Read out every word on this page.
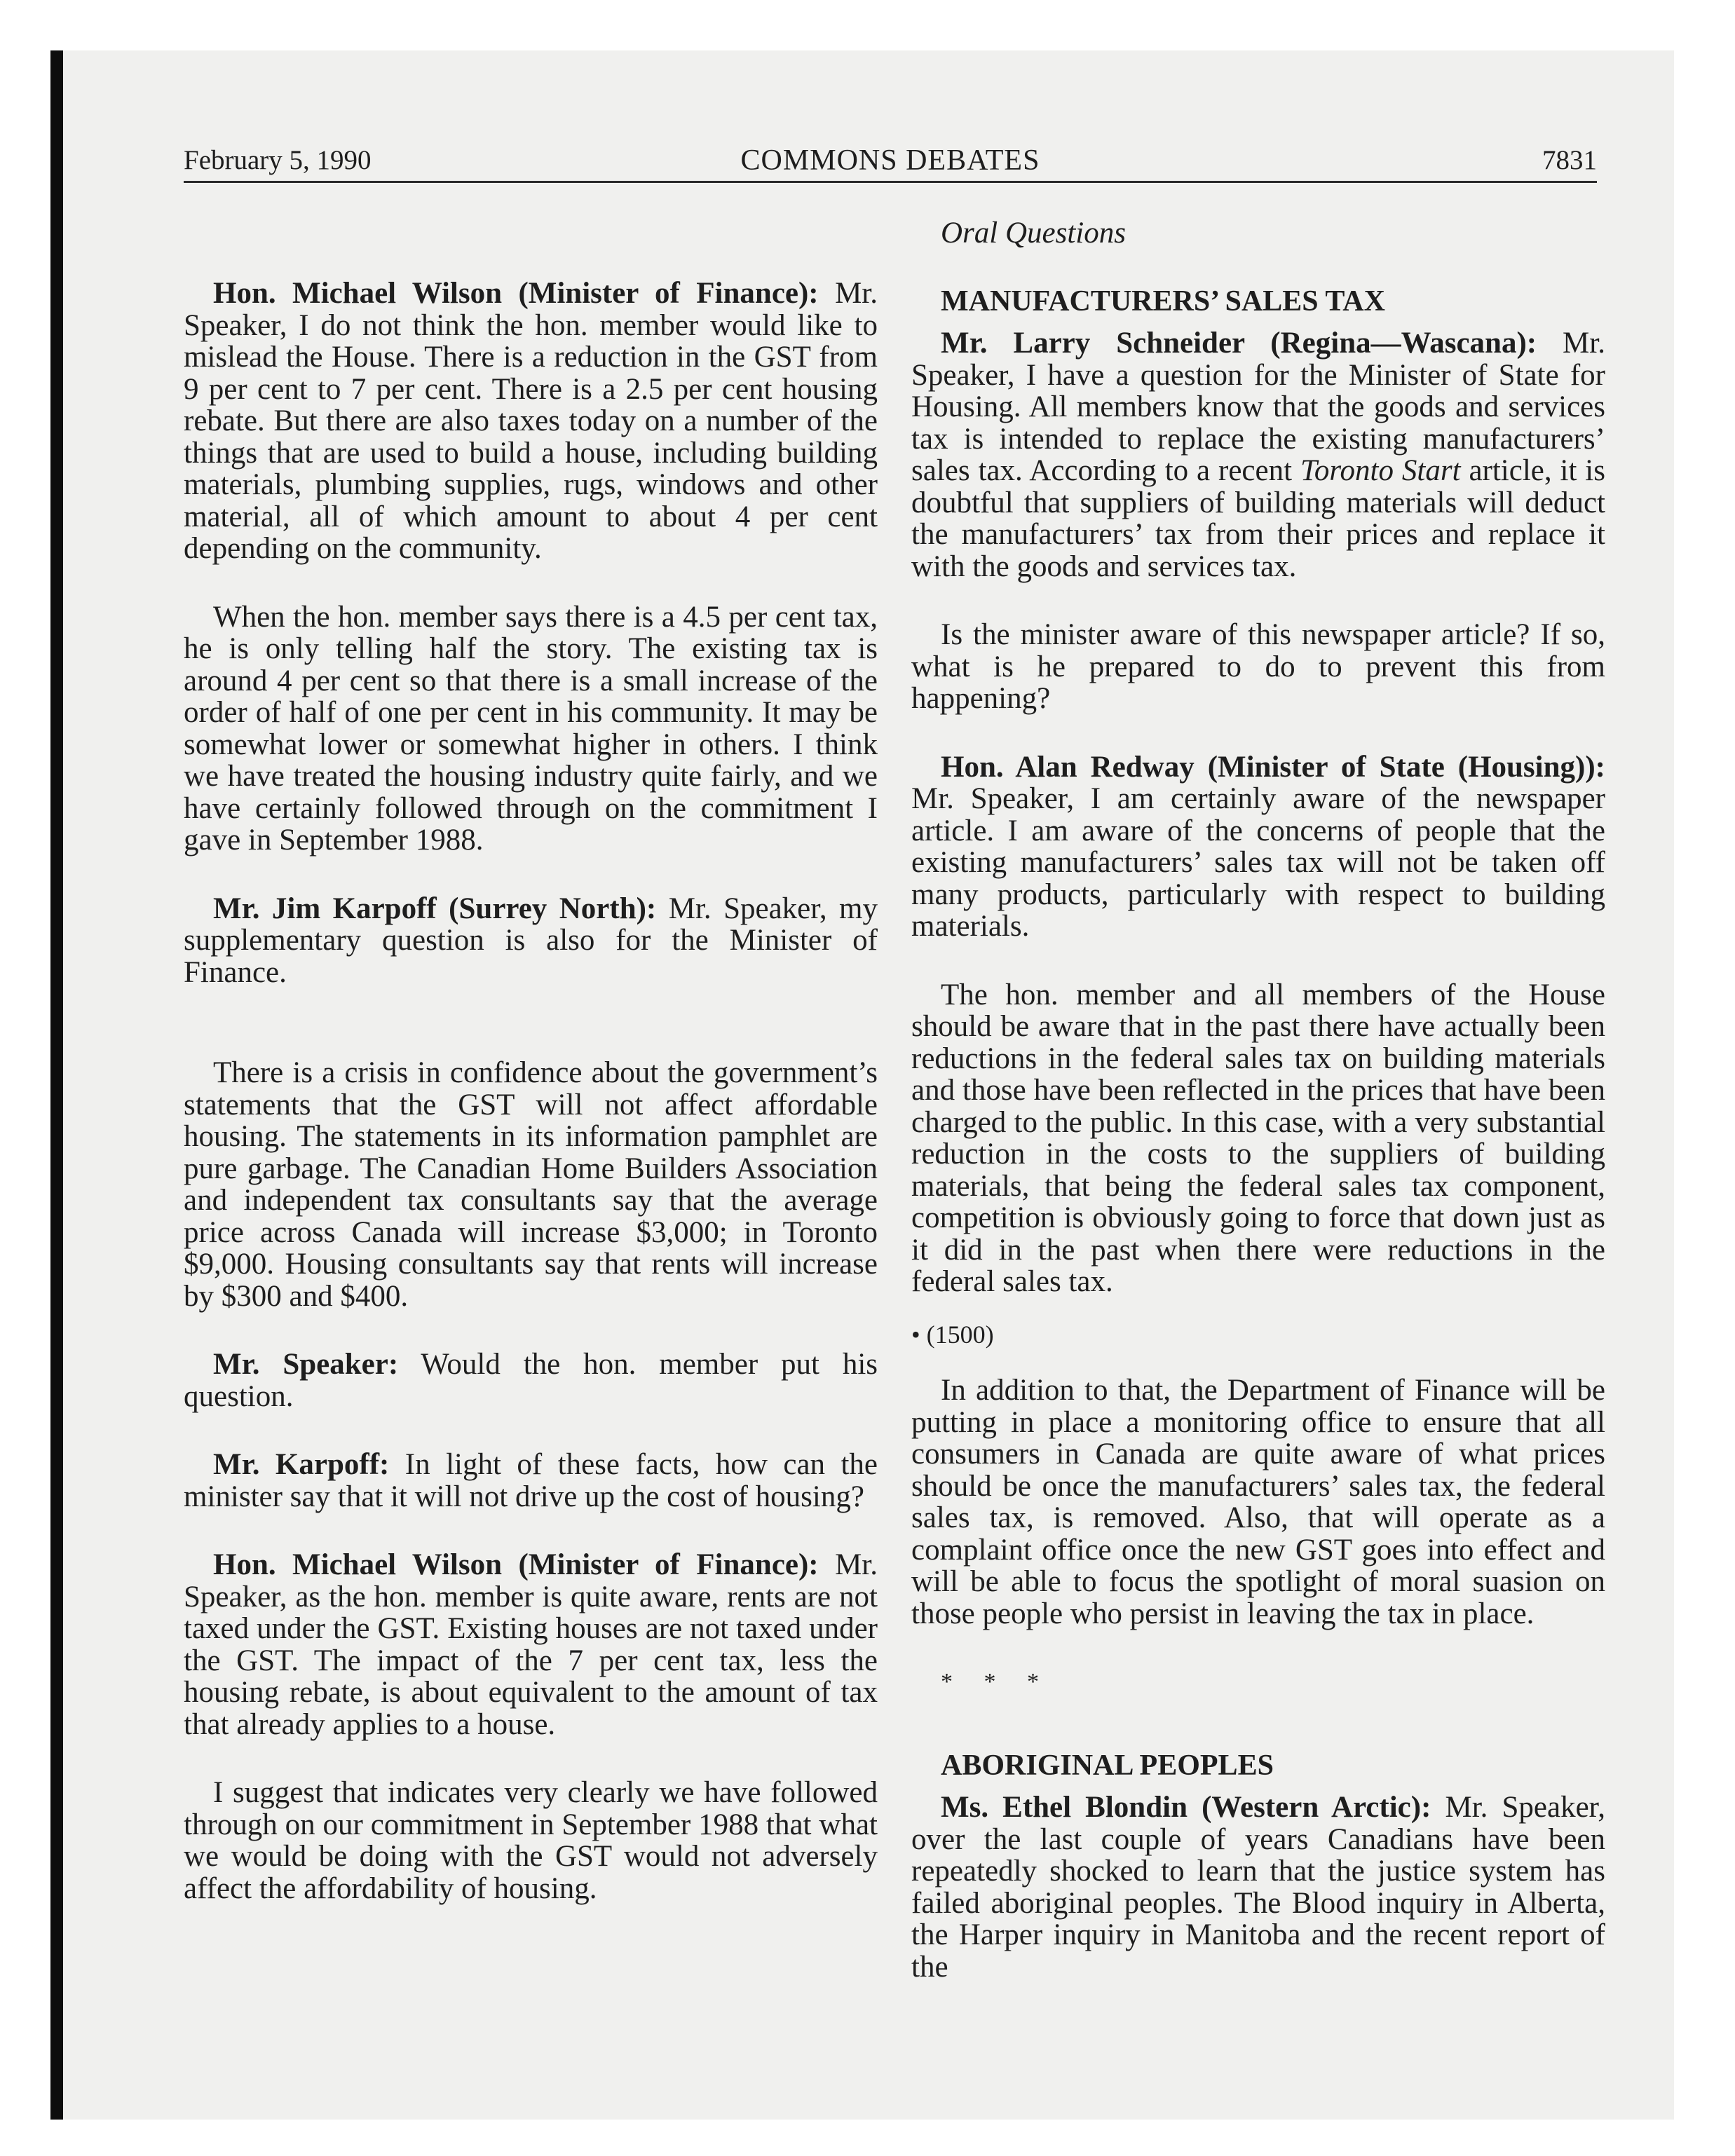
February 5, 1990	COMMONS DEBATES	7831

Hon. Michael Wilson (Minister of Finance): Mr. Speaker, I do not think the hon. member would like to mislead the House. There is a reduction in the GST from 9 per cent to 7 per cent. There is a 2.5 per cent housing rebate. But there are also taxes today on a number of the things that are used to build a house, including building materials, plumbing supplies, rugs, windows and other material, all of which amount to about 4 per cent depending on the community.

When the hon. member says there is a 4.5 per cent tax, he is only telling half the story. The existing tax is around 4 per cent so that there is a small increase of the order of half of one per cent in his community. It may be somewhat lower or somewhat higher in others. I think we have treated the housing industry quite fairly, and we have certainly followed through on the commitment I gave in September 1988.

Mr. Jim Karpoff (Surrey North): Mr. Speaker, my supplementary question is also for the Minister of Finance.

There is a crisis in confidence about the government’s statements that the GST will not affect affordable housing. The statements in its information pamphlet are pure garbage. The Canadian Home Builders Association and independent tax consultants say that the average price across Canada will increase $3,000; in Toronto $9,000. Housing consultants say that rents will increase by $300 and $400.

Mr. Speaker: Would the hon. member put his question.

Mr. Karpoff: In light of these facts, how can the minister say that it will not drive up the cost of housing?

Hon. Michael Wilson (Minister of Finance): Mr. Speaker, as the hon. member is quite aware, rents are not taxed under the GST. Existing houses are not taxed under the GST. The impact of the 7 per cent tax, less the housing rebate, is about equivalent to the amount of tax that already applies to a house.

I suggest that indicates very clearly we have followed through on our commitment in September 1988 that what we would be doing with the GST would not adversely affect the affordability of housing.

Oral Questions

MANUFACTURERS’ SALES TAX

Mr. Larry Schneider (Regina—Wascana): Mr. Speaker, I have a question for the Minister of State for Housing. All members know that the goods and services tax is intended to replace the existing manufacturers’ sales tax. According to a recent Toronto Start article, it is doubtful that suppliers of building materials will deduct the manufacturers’ tax from their prices and replace it with the goods and services tax.

Is the minister aware of this newspaper article? If so, what is he prepared to do to prevent this from happening?

Hon. Alan Redway (Minister of State (Housing)): Mr. Speaker, I am certainly aware of the newspaper article. I am aware of the concerns of people that the existing manufacturers’ sales tax will not be taken off many products, particularly with respect to building materials.

The hon. member and all members of the House should be aware that in the past there have actually been reductions in the federal sales tax on building materials and those have been reflected in the prices that have been charged to the public. In this case, with a very substantial reduction in the costs to the suppliers of building materials, that being the federal sales tax component, competition is obviously going to force that down just as it did in the past when there were reductions in the federal sales tax.

• (1500)

In addition to that, the Department of Finance will be putting in place a monitoring office to ensure that all consumers in Canada are quite aware of what prices should be once the manufacturers’ sales tax, the federal sales tax, is removed. Also, that will operate as a complaint office once the new GST goes into effect and will be able to focus the spotlight of moral suasion on those people who persist in leaving the tax in place.

* * *

ABORIGINAL PEOPLES

Ms. Ethel Blondin (Western Arctic): Mr. Speaker, over the last couple of years Canadians have been repeatedly shocked to learn that the justice system has failed aboriginal peoples. The Blood inquiry in Alberta, the Harper inquiry in Manitoba and the recent report of the
